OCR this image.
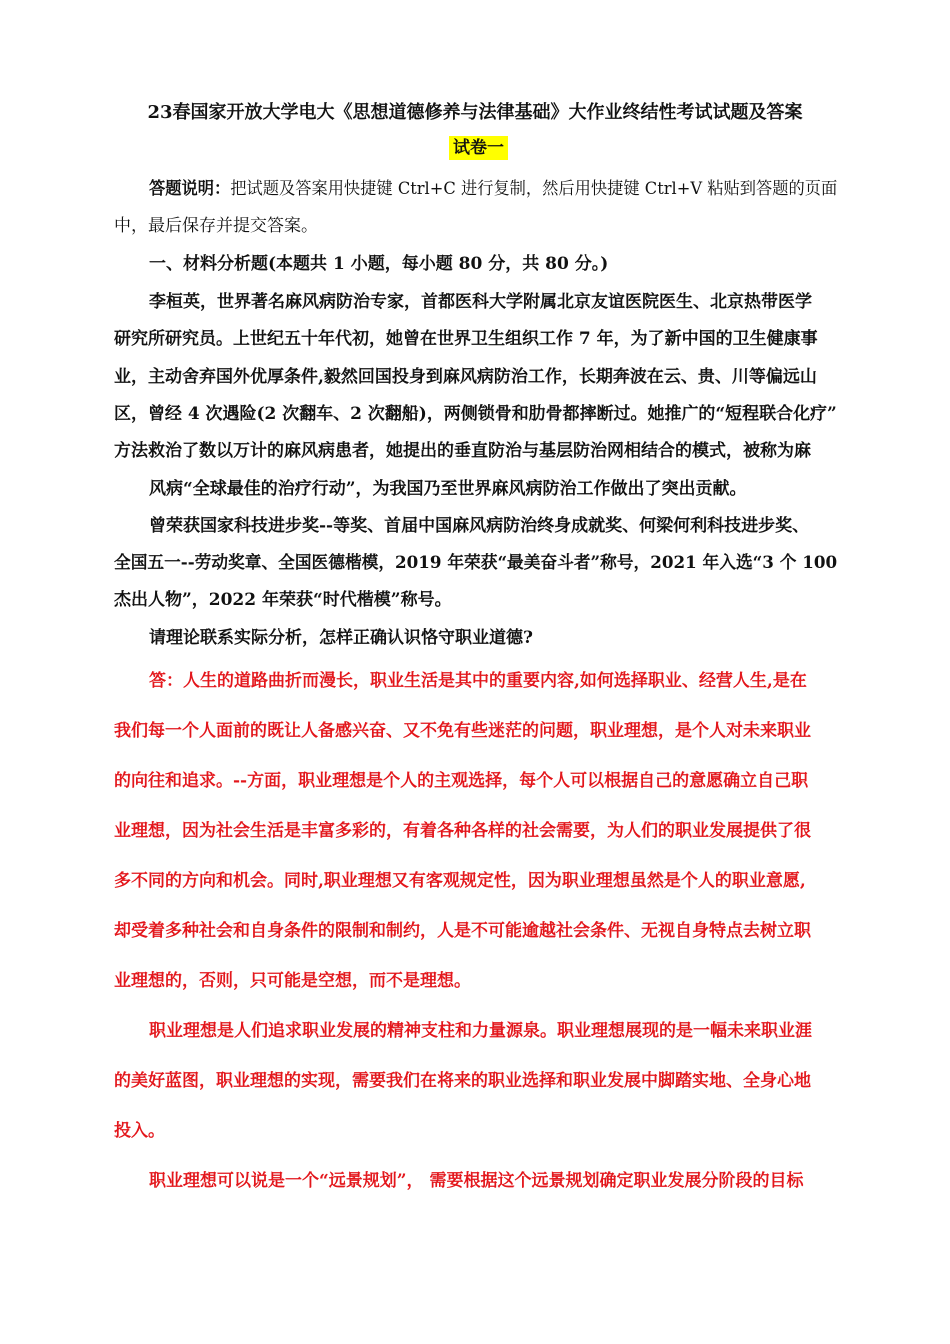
23春国家开放大学电大《思想道德修养与法律基础》大作业终结性考试试题及答案
试卷一
答题说明：把试题及答案用快捷键 Ctrl+C 进行复制，然后用快捷键 Ctrl+V 粘贴到答题的页面
中，最后保存并提交答案。
一、材料分析题(本题共 1 小题，每小题 80 分，共 80 分。)
李桓英，世界著名麻风病防治专家，首都医科大学附属北京友谊医院医生、北京热带医学
研究所研究员。上世纪五十年代初，她曾在世界卫生组织工作 7 年，为了新中国的卫生健康事
业，主动舍弃国外优厚条件,毅然回国投身到麻风病防治工作，长期奔波在云、贵、川等偏远山
区，曾经 4 次遇险(2 次翻车、2 次翻船)，两侧锁骨和肋骨都摔断过。她推广的“短程联合化疗”
方法救治了数以万计的麻风病患者，她提出的垂直防治与基层防治网相结合的模式，被称为麻
风病“全球最佳的治疗行动”，为我国乃至世界麻风病防治工作做出了突出贡献。
曾荣获国家科技进步奖--等奖、首届中国麻风病防治终身成就奖、何梁何利科技进步奖、
全国五一--劳动奖章、全国医德楷模，2019 年荣获“最美奋斗者”称号，2021 年入选“3 个 100
杰出人物”，2022 年荣获“时代楷模”称号。
请理论联系实际分析，怎样正确认识恪守职业道德?
答：人生的道路曲折而漫长，职业生活是其中的重要内容,如何选择职业、经营人生,是在
我们每一个人面前的既让人备感兴奋、又不免有些迷茫的问题，职业理想，是个人对未来职业
的向往和追求。--方面，职业理想是个人的主观选择，每个人可以根据自己的意愿确立自己职
业理想，因为社会生活是丰富多彩的，有着各种各样的社会需要，为人们的职业发展提供了很
多不同的方向和机会。同时,职业理想又有客观规定性，因为职业理想虽然是个人的职业意愿,
却受着多种社会和自身条件的限制和制约，人是不可能逾越社会条件、无视自身特点去树立职
业理想的，否则，只可能是空想，而不是理想。
职业理想是人们追求职业发展的精神支柱和力量源泉。职业理想展现的是一幅未来职业涯
的美好蓝图，职业理想的实现，需要我们在将来的职业选择和职业发展中脚踏实地、全身心地
投入。
职业理想可以说是一个“远景规划”， 需要根据这个远景规划确定职业发展分阶段的目标
